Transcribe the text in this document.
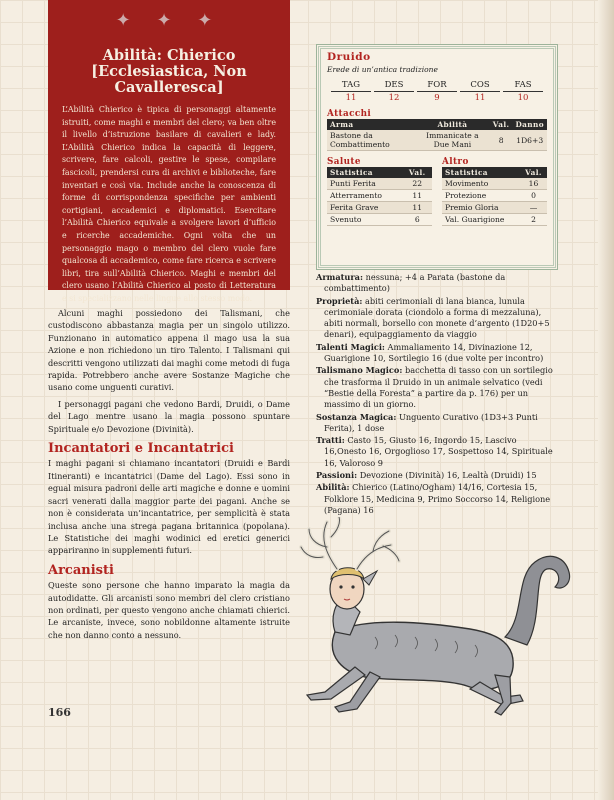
✦ ✦ ✦
Abilità: Chierico [Ecclesiastica, Non Cavalleresca]

L’Abilità Chierico è tipica di personaggi altamente istruiti, come maghi e membri del clero; va ben oltre il livello d’istruzione basilare di cavalieri e lady. L’Abilità Chierico indica la capacità di leggere, scrivere, fare calcoli, gestire le spese, compilare fascicoli, prendersi cura di archivi e biblioteche, fare inventari e così via. Include anche la conoscenza di forme di corrispondenza specifiche per ambienti cortigiani, accademici e diplomatici. Esercitare l’Abilità Chierico equivale a svolgere lavori d’ufficio e ricerche accademiche. Ogni volta che un personaggio mago o membro del clero vuole fare qualcosa di accademico, come fare ricerca e scrivere libri, tira sull’Abilità Chierico. Maghi e membri del clero usano l’Abilità Chierico al posto di Letteratura e si specializzano nelle lingue allo stesso modo.

Alcuni maghi possiedono dei Talismani, che custodiscono abbastanza magia per un singolo utilizzo. Funzionano in automatico appena il mago usa la sua Azione e non richiedono un tiro Talento. I Talismani qui descritti vengono utilizzati dai maghi come metodi di fuga rapida. Potrebbero anche avere Sostanze Magiche che usano come unguenti curativi.

I personaggi pagani che vedono Bardi, Druidi, o Dame del Lago mentre usano la magia possono spuntare Spirituale e/o Devozione (Divinità).

Incantatori e Incantatrici

I maghi pagani si chiamano incantatori (Druidi e Bardi Itineranti) e incantatrici (Dame del Lago). Essi sono in egual misura padroni delle arti magiche e donne e uomini sacri venerati dalla maggior parte dei pagani. Anche se non è considerata un’incantatrice, per semplicità è stata inclusa anche una strega pagana britannica (popolana). Le Statistiche dei maghi wodinici ed eretici generici appariranno in supplementi futuri.

Arcanisti

Queste sono persone che hanno imparato la magia da autodidatte. Gli arcanisti sono membri del clero cristiano non ordinati, per questo vengono anche chiamati chierici. Le arcaniste, invece, sono nobildonne altamente istruite che non danno conto a nessuno.

Druido
Erede di un’antica tradizione
TAG
11
DES
12
FOR
9
COS
11
FAS
10
Attacchi
Arma	Abilità	Val.	Danno
Bastone da Combattimento	Immanicate a Due Mani	8	1D6+3
Salute
Statistica	Val.
Punti Ferita	22
Atterramento	11
Ferita Grave	11
Svenuto	6
Altro
Statistica	Val.
Movimento	16
Protezione	0
Premio Gloria	—
Val. Guarigione	2

Armatura: nessuna; +4 a Parata (bastone da combattimento)

Proprietà: abiti cerimoniali di lana bianca, lunula cerimoniale dorata (ciondolo a forma di mezzaluna), abiti normali, borsello con monete d’argento (1D20+5 denari), equipaggiamento da viaggio

Talenti Magici: Ammaliamento 14, Divinazione 12, Guarigione 10, Sortilegio 16 (due volte per incontro)

Talismano Magico: bacchetta di tasso con un sortilegio che trasforma il Druido in un animale selvatico (vedi “Bestie della Foresta” a partire da p. 176) per un massimo di un giorno.

Sostanza Magica: Unguento Curativo (1D3+3 Punti Ferita), 1 dose

Tratti: Casto 15, Giusto 16, Ingordo 15, Lascivo 16,Onesto 16, Orgoglioso 17, Sospettoso 14, Spirituale 16, Valoroso 9

Passioni: Devozione (Divinità) 16, Lealtà (Druidi) 15

Abilità: Chierico (Latino/Ogham) 14/16, Cortesia 15, Folklore 15, Medicina 9, Primo Soccorso 14, Religione (Pagana) 16

166
